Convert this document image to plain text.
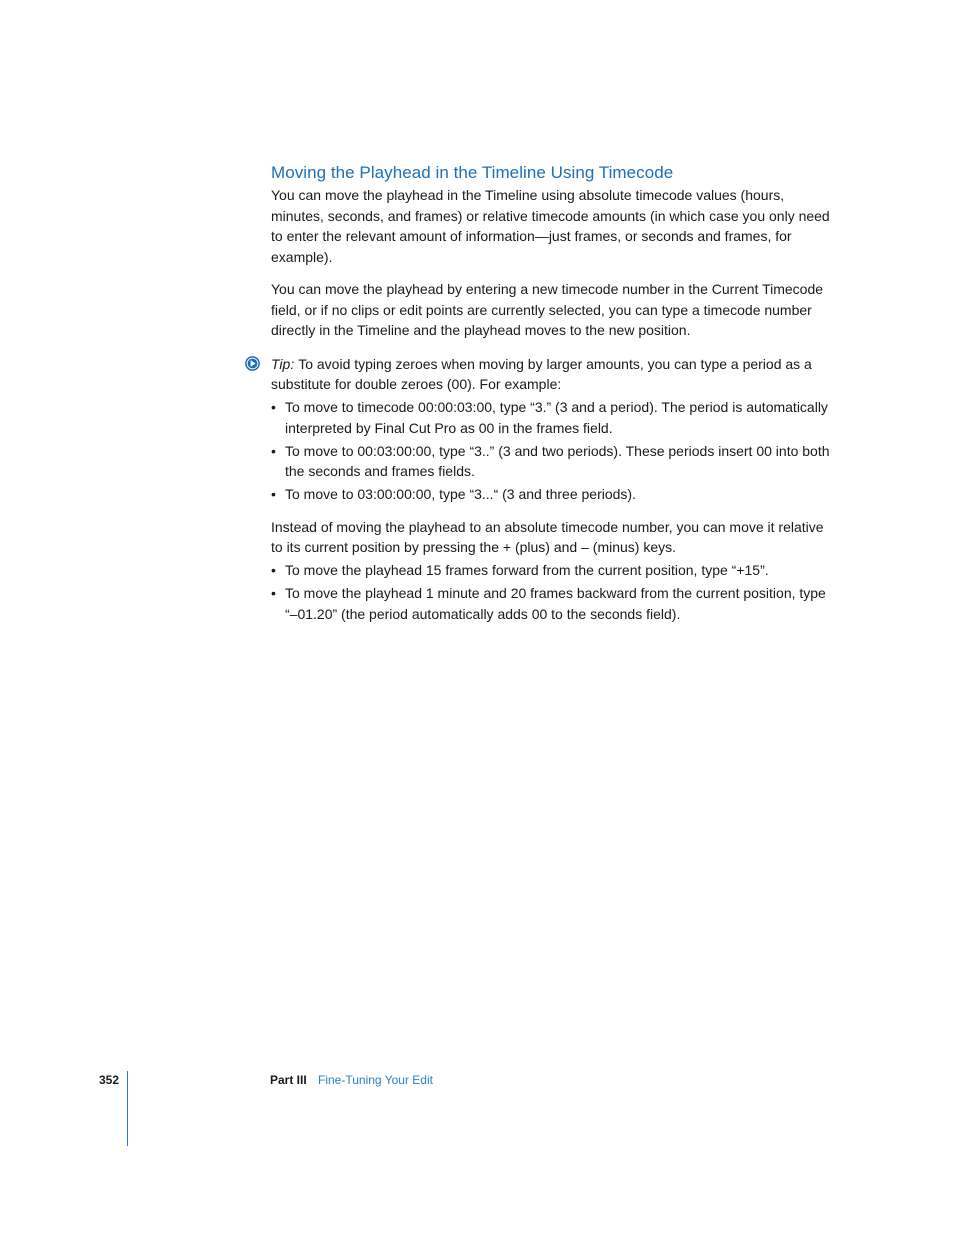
Moving the Playhead in the Timeline Using Timecode

You can move the playhead in the Timeline using absolute timecode values (hours, minutes, seconds, and frames) or relative timecode amounts (in which case you only need to enter the relevant amount of information—just frames, or seconds and frames, for example).

You can move the playhead by entering a new timecode number in the Current Timecode field, or if no clips or edit points are currently selected, you can type a timecode number directly in the Timeline and the playhead moves to the new position.

Tip: To avoid typing zeroes when moving by larger amounts, you can type a period as a substitute for double zeroes (00). For example:

• To move to timecode 00:00:03:00, type “3.” (3 and a period). The period is automatically interpreted by Final Cut Pro as 00 in the frames field.
• To move to 00:03:00:00, type “3..” (3 and two periods). These periods insert 00 into both the seconds and frames fields.
• To move to 03:00:00:00, type “3...“ (3 and three periods).

Instead of moving the playhead to an absolute timecode number, you can move it relative to its current position by pressing the + (plus) and – (minus) keys.

• To move the playhead 15 frames forward from the current position, type “+15”.
• To move the playhead 1 minute and 20 frames backward from the current position, type “–01.20” (the period automatically adds 00 to the seconds field).
352	Part III Fine-Tuning Your Edit
